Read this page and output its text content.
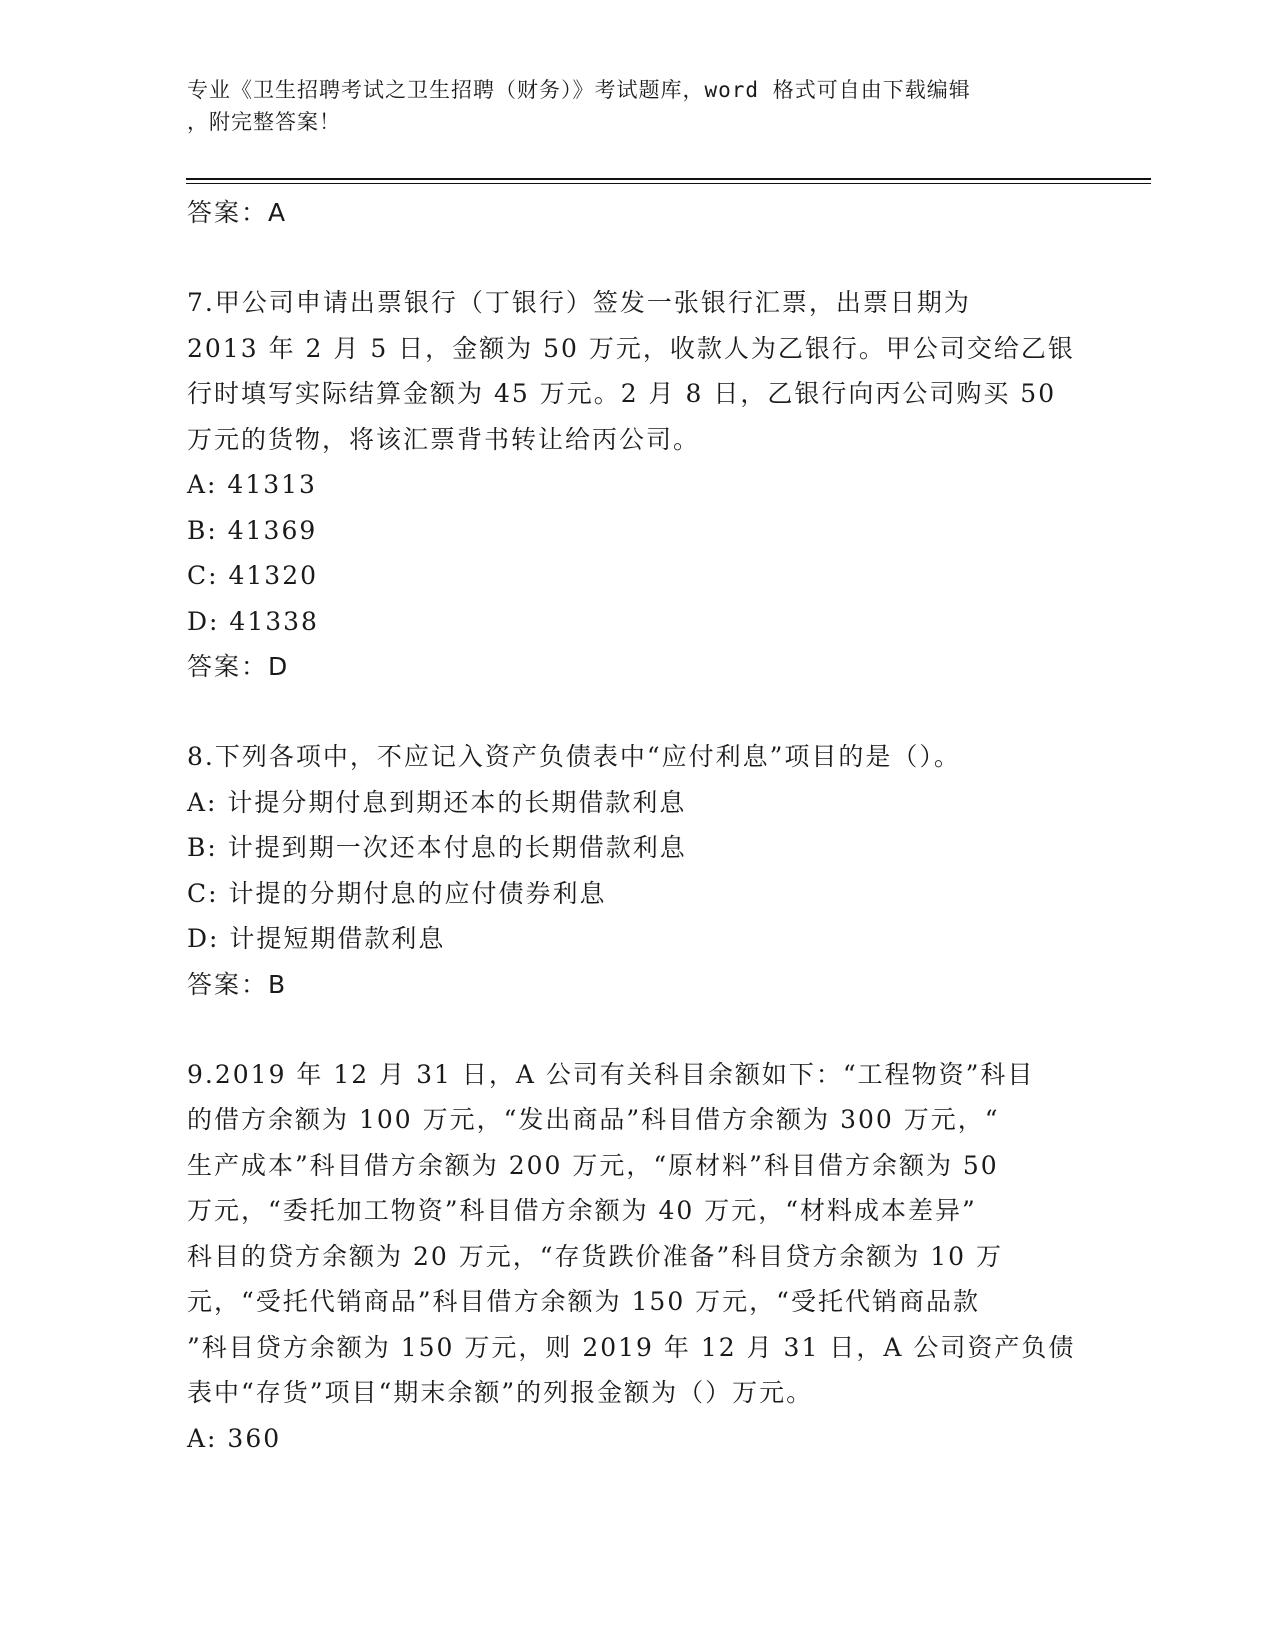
专业《卫生招聘考试之卫生招聘（财务）》考试题库，word 格式可自由下载编辑
，附完整答案！
答案：A
7.甲公司申请出票银行（丁银行）签发一张银行汇票，出票日期为
2013 年 2 月 5 日，金额为 50 万元，收款人为乙银行。甲公司交给乙银
行时填写实际结算金额为 45 万元。2 月 8 日，乙银行向丙公司购买 50
万元的货物，将该汇票背书转让给丙公司。
A: 41313
B: 41369
C: 41320
D: 41338
答案：D
8.下列各项中，不应记入资产负债表中“应付利息”项目的是（）。
A: 计提分期付息到期还本的长期借款利息
B: 计提到期一次还本付息的长期借款利息
C: 计提的分期付息的应付债券利息
D: 计提短期借款利息
答案：B
9.2019 年 12 月 31 日，A 公司有关科目余额如下：“工程物资”科目
的借方余额为 100 万元，“发出商品”科目借方余额为 300 万元，“
生产成本”科目借方余额为 200 万元，“原材料”科目借方余额为 50
万元，“委托加工物资”科目借方余额为 40 万元，“材料成本差异”
科目的贷方余额为 20 万元，“存货跌价准备”科目贷方余额为 10 万
元，“受托代销商品”科目借方余额为 150 万元，“受托代销商品款
”科目贷方余额为 150 万元，则 2019 年 12 月 31 日，A 公司资产负债
表中“存货”项目“期末余额”的列报金额为（）万元。
A: 360
